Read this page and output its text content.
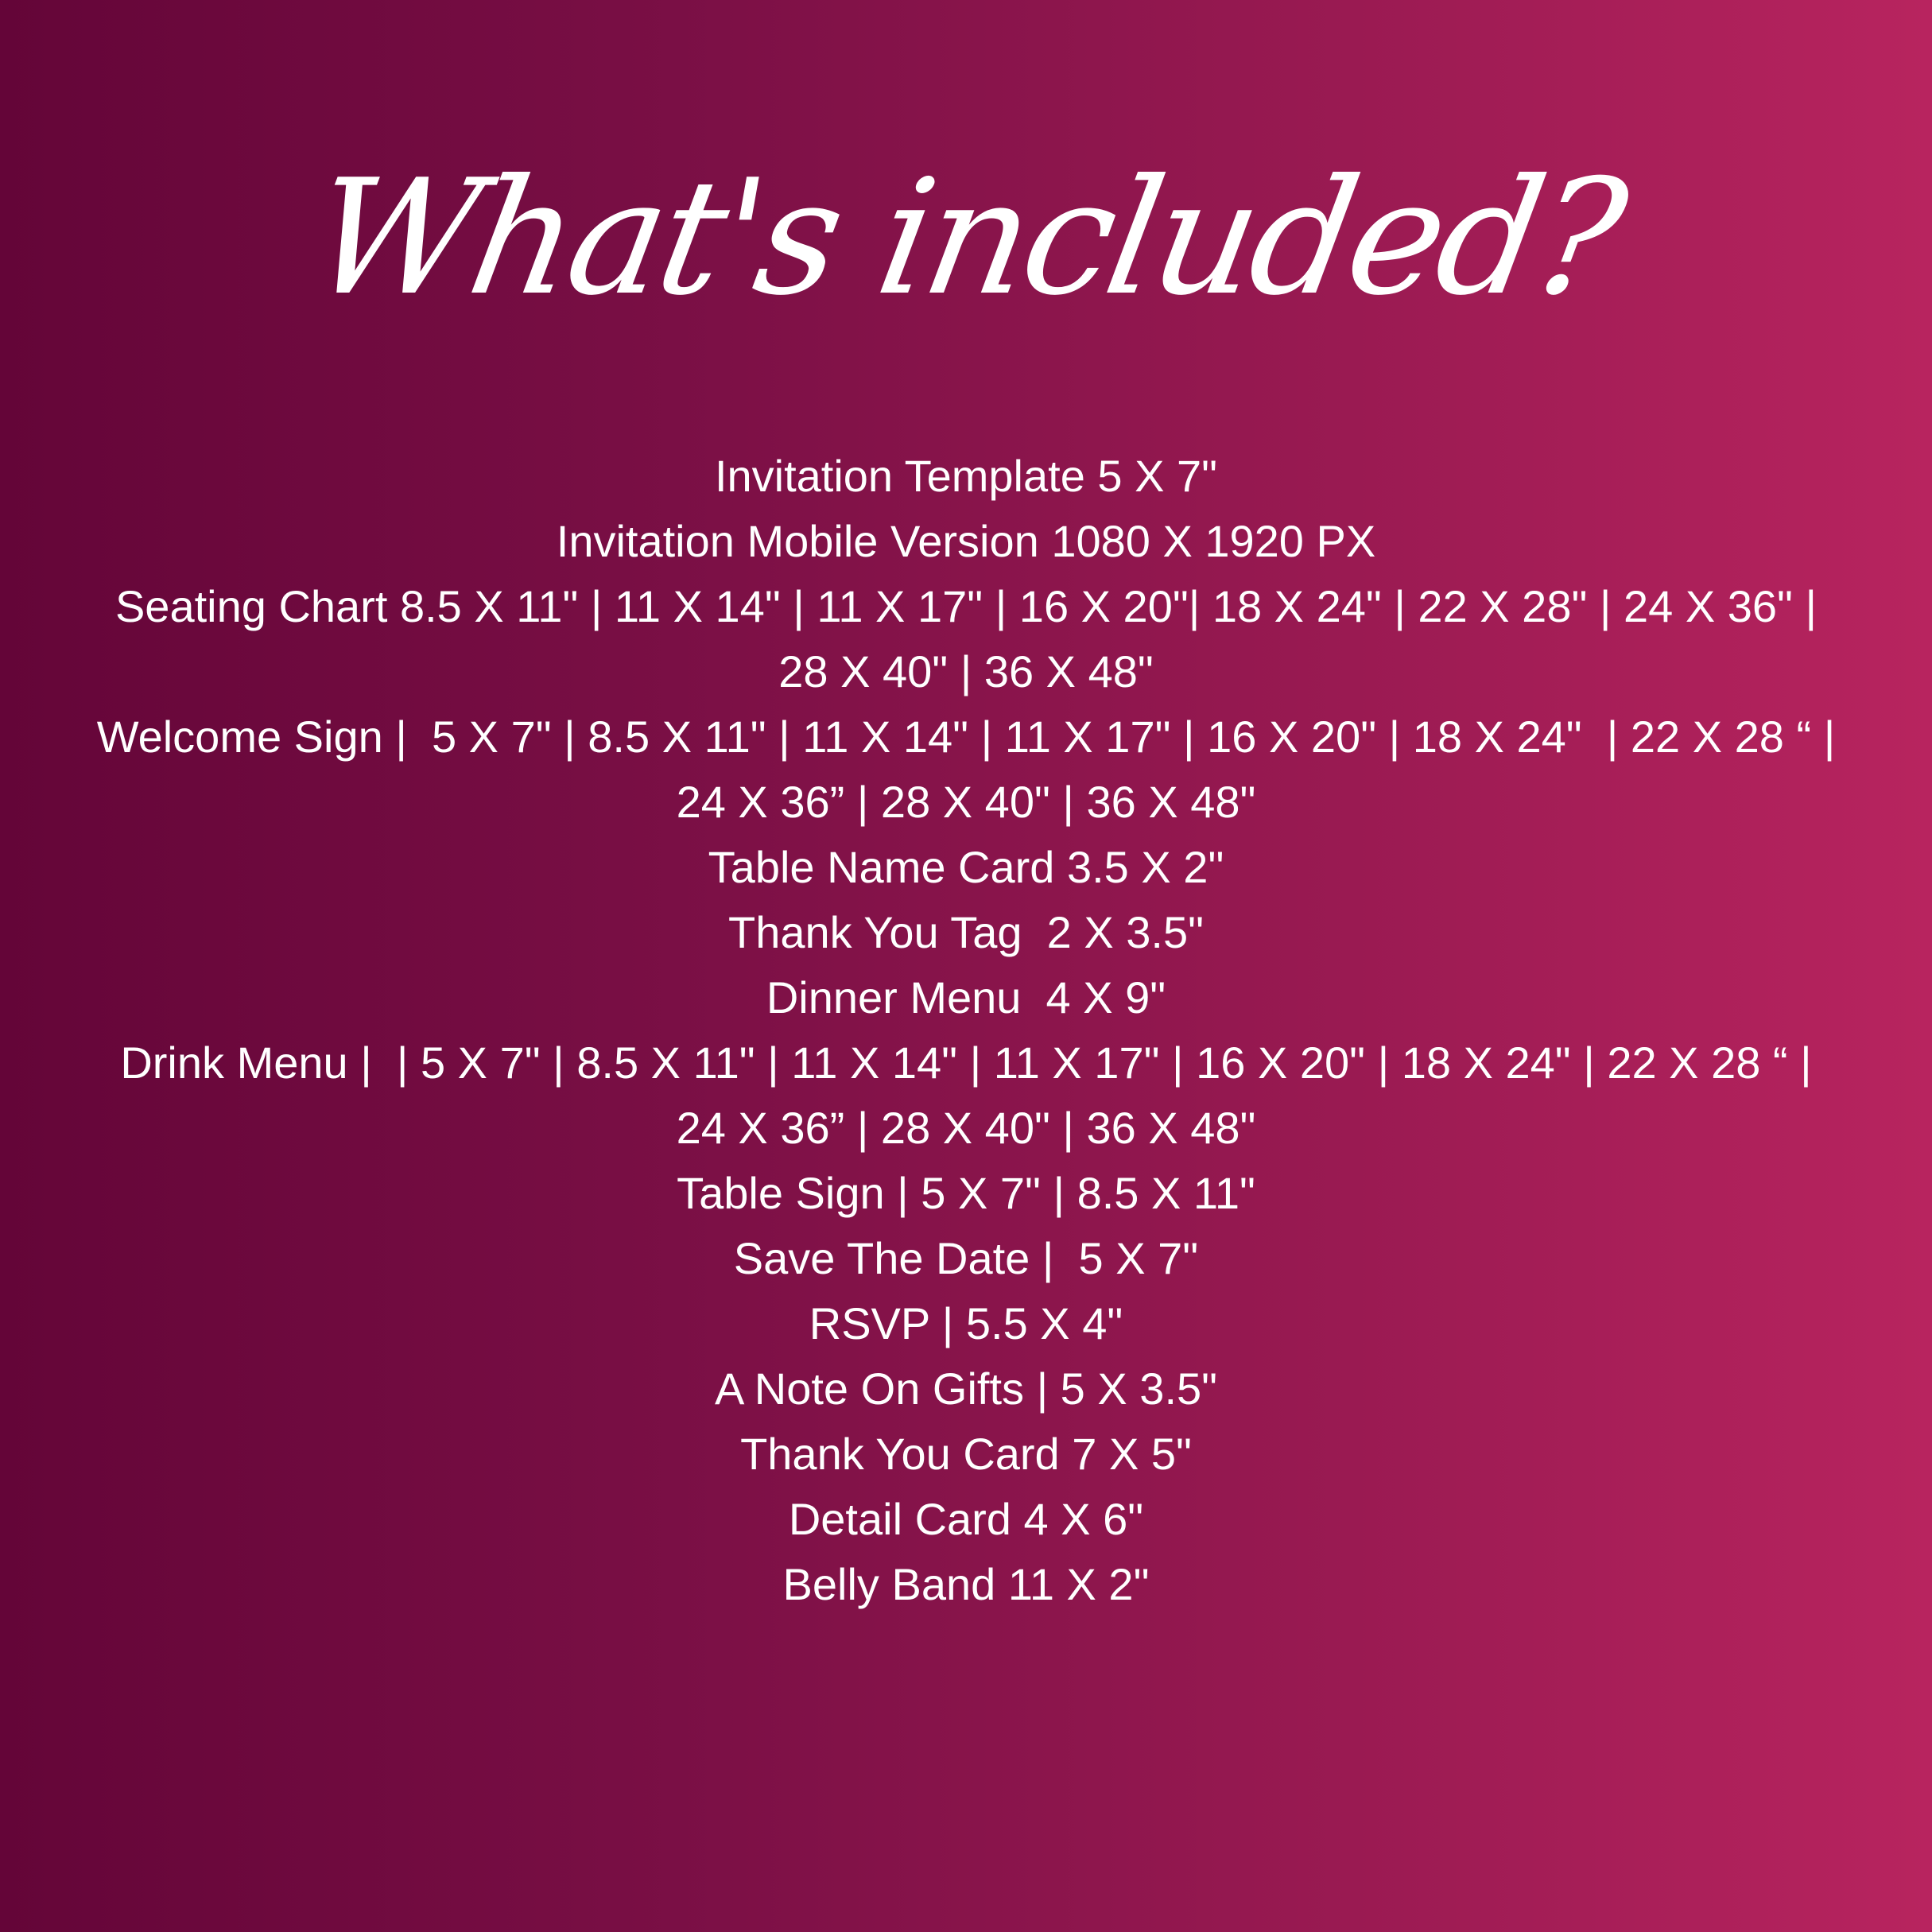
What's included?
Invitation Template 5 X 7"
Invitation Mobile Version 1080 X 1920 PX
Seating Chart 8.5 X 11" | 11 X 14" | 11 X 17" | 16 X 20"| 18 X 24" | 22 X 28" | 24 X 36" |
28 X 40" | 36 X 48"
Welcome Sign |  5 X 7" | 8.5 X 11" | 11 X 14" | 11 X 17" | 16 X 20" | 18 X 24"  | 22 X 28 “ |
24 X 36” | 28 X 40" | 36 X 48"
Table Name Card 3.5 X 2"
Thank You Tag  2 X 3.5"
Dinner Menu  4 X 9"
Drink Menu |  | 5 X 7" | 8.5 X 11" | 11 X 14" | 11 X 17" | 16 X 20" | 18 X 24" | 22 X 28 “ |
24 X 36” | 28 X 40" | 36 X 48"
Table Sign | 5 X 7" | 8.5 X 11"
Save The Date |  5 X 7"
RSVP | 5.5 X 4"
A Note On Gifts | 5 X 3.5"
Thank You Card 7 X 5"
Detail Card 4 X 6"
Belly Band 11 X 2"
